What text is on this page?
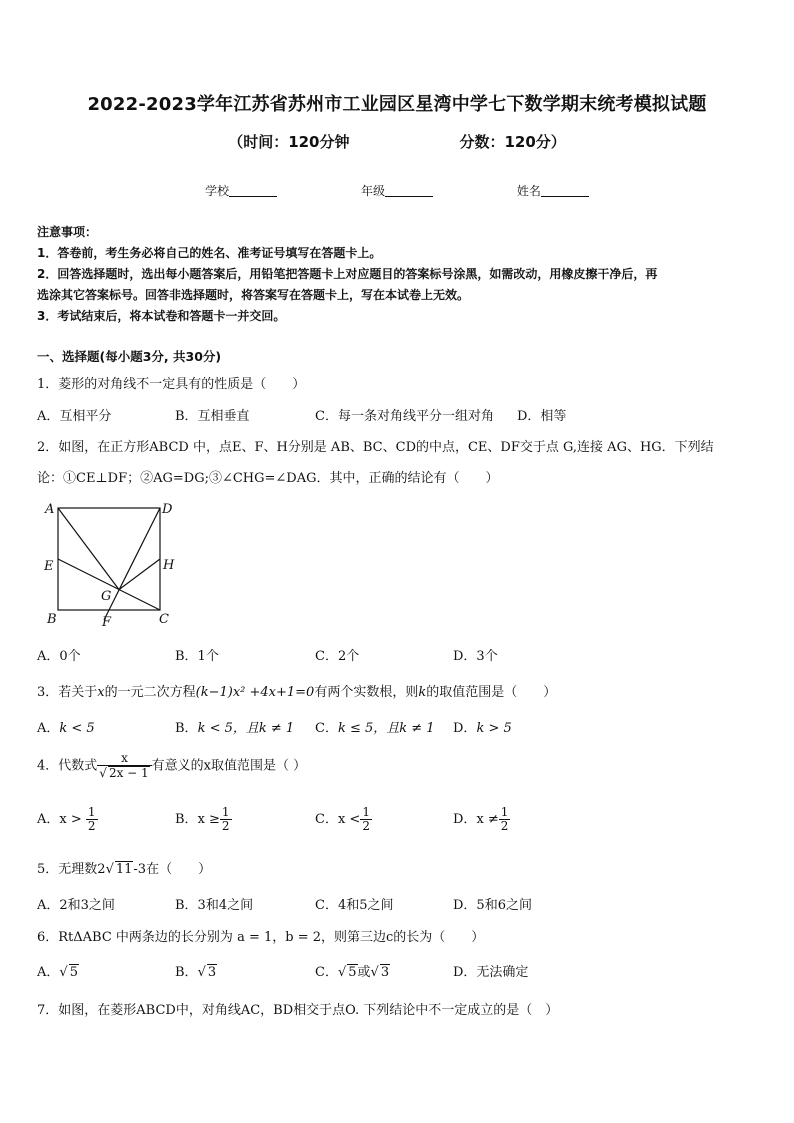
2022-2023学年江苏省苏州市工业园区星湾中学七下数学期末统考模拟试题
（时间：120分钟	分数：120分）
学校	年级	姓名
注意事项：
1．答卷前，考生务必将自己的姓名、准考证号填写在答题卡上。
2．回答选择题时，选出每小题答案后，用铅笔把答题卡上对应题目的答案标号涂黑，如需改动，用橡皮擦干净后，再
选涂其它答案标号。回答非选择题时，将答案写在答题卡上，写在本试卷上无效。
3．考试结束后，将本试卷和答题卡一并交回。
一、选择题(每小题3分, 共30分)
1．菱形的对角线不一定具有的性质是（　　）
A．互相平分	B．互相垂直	C．每一条对角线平分一组对角 D．相等
2．如图，在正方形ABCD 中，点E、F、H分别是 AB、BC、CD的中点，CE、DF交于点 G,连接 AG、HG．下列结
论：①CE⊥DF；②AG=DG;③∠CHG=∠DAG．其中，正确的结论有（　　）
A	D
E	H
G
B	F	C
A．0个	B．1个	C．2个	D．3个
3．若关于x的一元二次方程(k−1)x² +4x+1=0有两个实数根，则k的取值范围是（　　）
A．k < 5	B．k < 5，且k ≠ 1 C．k ≤ 5，且k ≠ 1 D．k > 5
4．代数式 $\frac{x}{√ 2x - 1}$ 有意义的x取值范围是（ ）
A．$x > \frac{1}{2}$	B．$x \ge \frac{1}{2}$	C．$x < \frac{1}{2}$	D．$x \ne \frac{1}{2}$
5．无理数2√ 11-3在（　　）
A．2和3之间	B．3和4之间	C．4和5之间	D．5和6之间
6．RtΔABC 中两条边的长分别为 a = 1，b = 2，则第三边c的长为（　　）
A．√ 5	B．√ 3	C．√ 5或√ 3	D．无法确定
7．如图，在菱形ABCD中，对角线AC，BD相交于点O. 下列结论中不一定成立的是（　）
